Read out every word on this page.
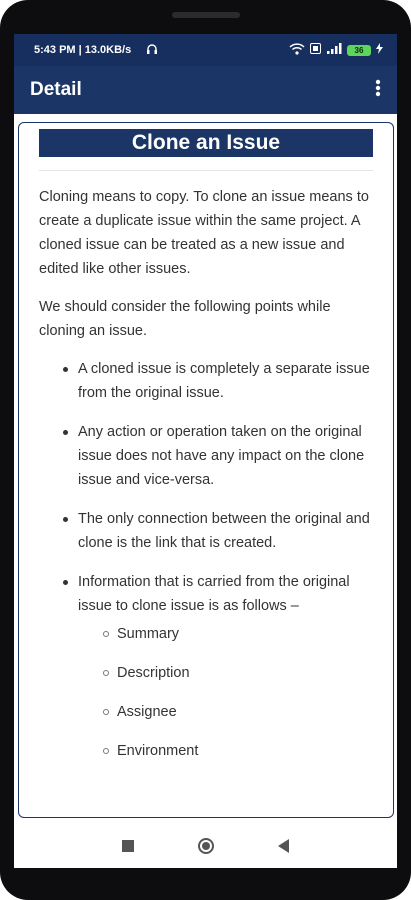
5:43 PM | 13.0KB/s	36
Detail
Clone an Issue

Cloning means to copy. To clone an issue means to create a duplicate issue within the same project. A cloned issue can be treated as a new issue and edited like other issues.

We should consider the following points while cloning an issue.

A cloned issue is completely a separate issue from the original issue.
Any action or operation taken on the original issue does not have any impact on the clone issue and vice-versa.
The only connection between the original and clone is the link that is created.
Information that is carried from the original issue to clone issue is as follows –
Summary
Description
Assignee
Environment
